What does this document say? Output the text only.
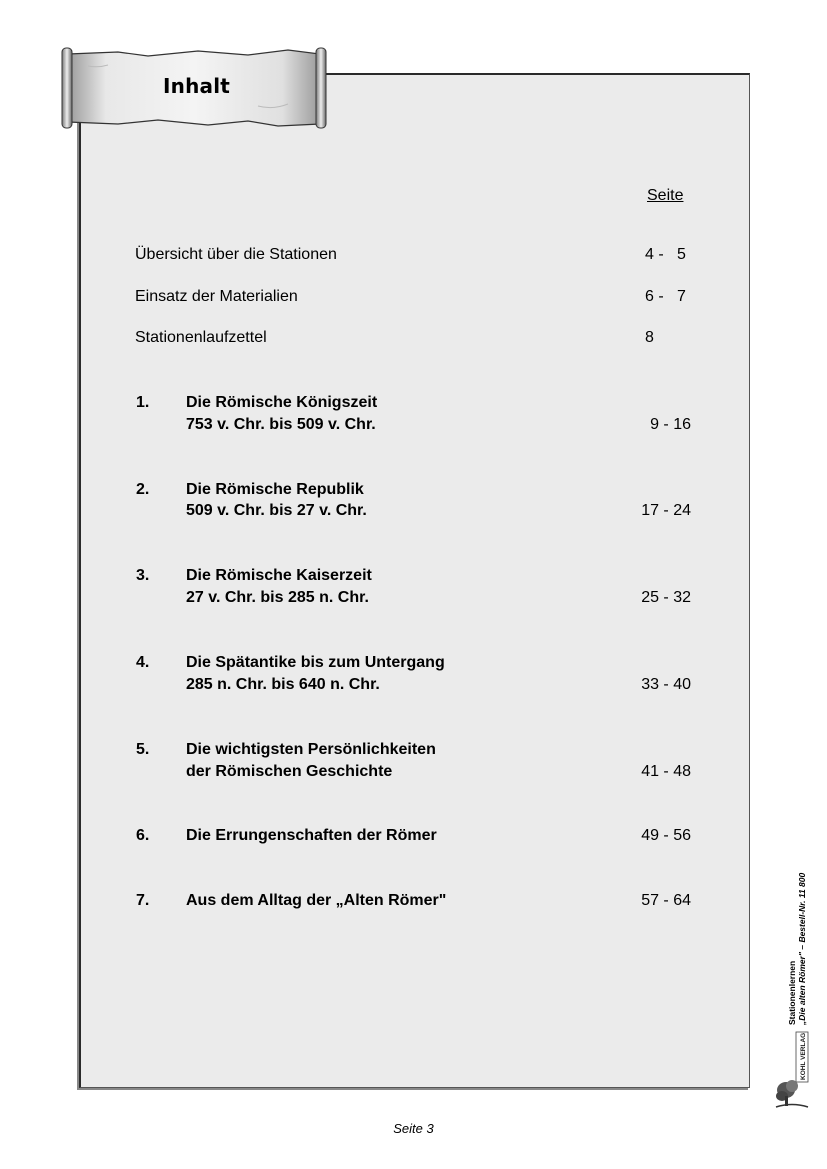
Inhalt
Seite
Übersicht über die Stationen	4 -   5
Einsatz der Materialien	6 -   7
Stationenlaufzettel	8
1. Die Römische Königszeit
753 v. Chr. bis 509 v. Chr.	9 - 16
2. Die Römische Republik
509 v. Chr. bis 27 v. Chr.	17 - 24
3. Die Römische Kaiserzeit
27 v. Chr. bis 285 n. Chr.	25 - 32
4. Die Spätantike bis zum Untergang
285 n. Chr. bis 640 n. Chr.	33 - 40
5. Die wichtigsten Persönlichkeiten
der Römischen Geschichte	41 - 48
6. Die Errungenschaften der Römer	49 - 56
7. Aus dem Alltag der „Alten Römer"	57 - 64
Stationenlernen „Die alten Römer" – Bestell-Nr. 11 800
KOHL VERLAG
Seite 3
